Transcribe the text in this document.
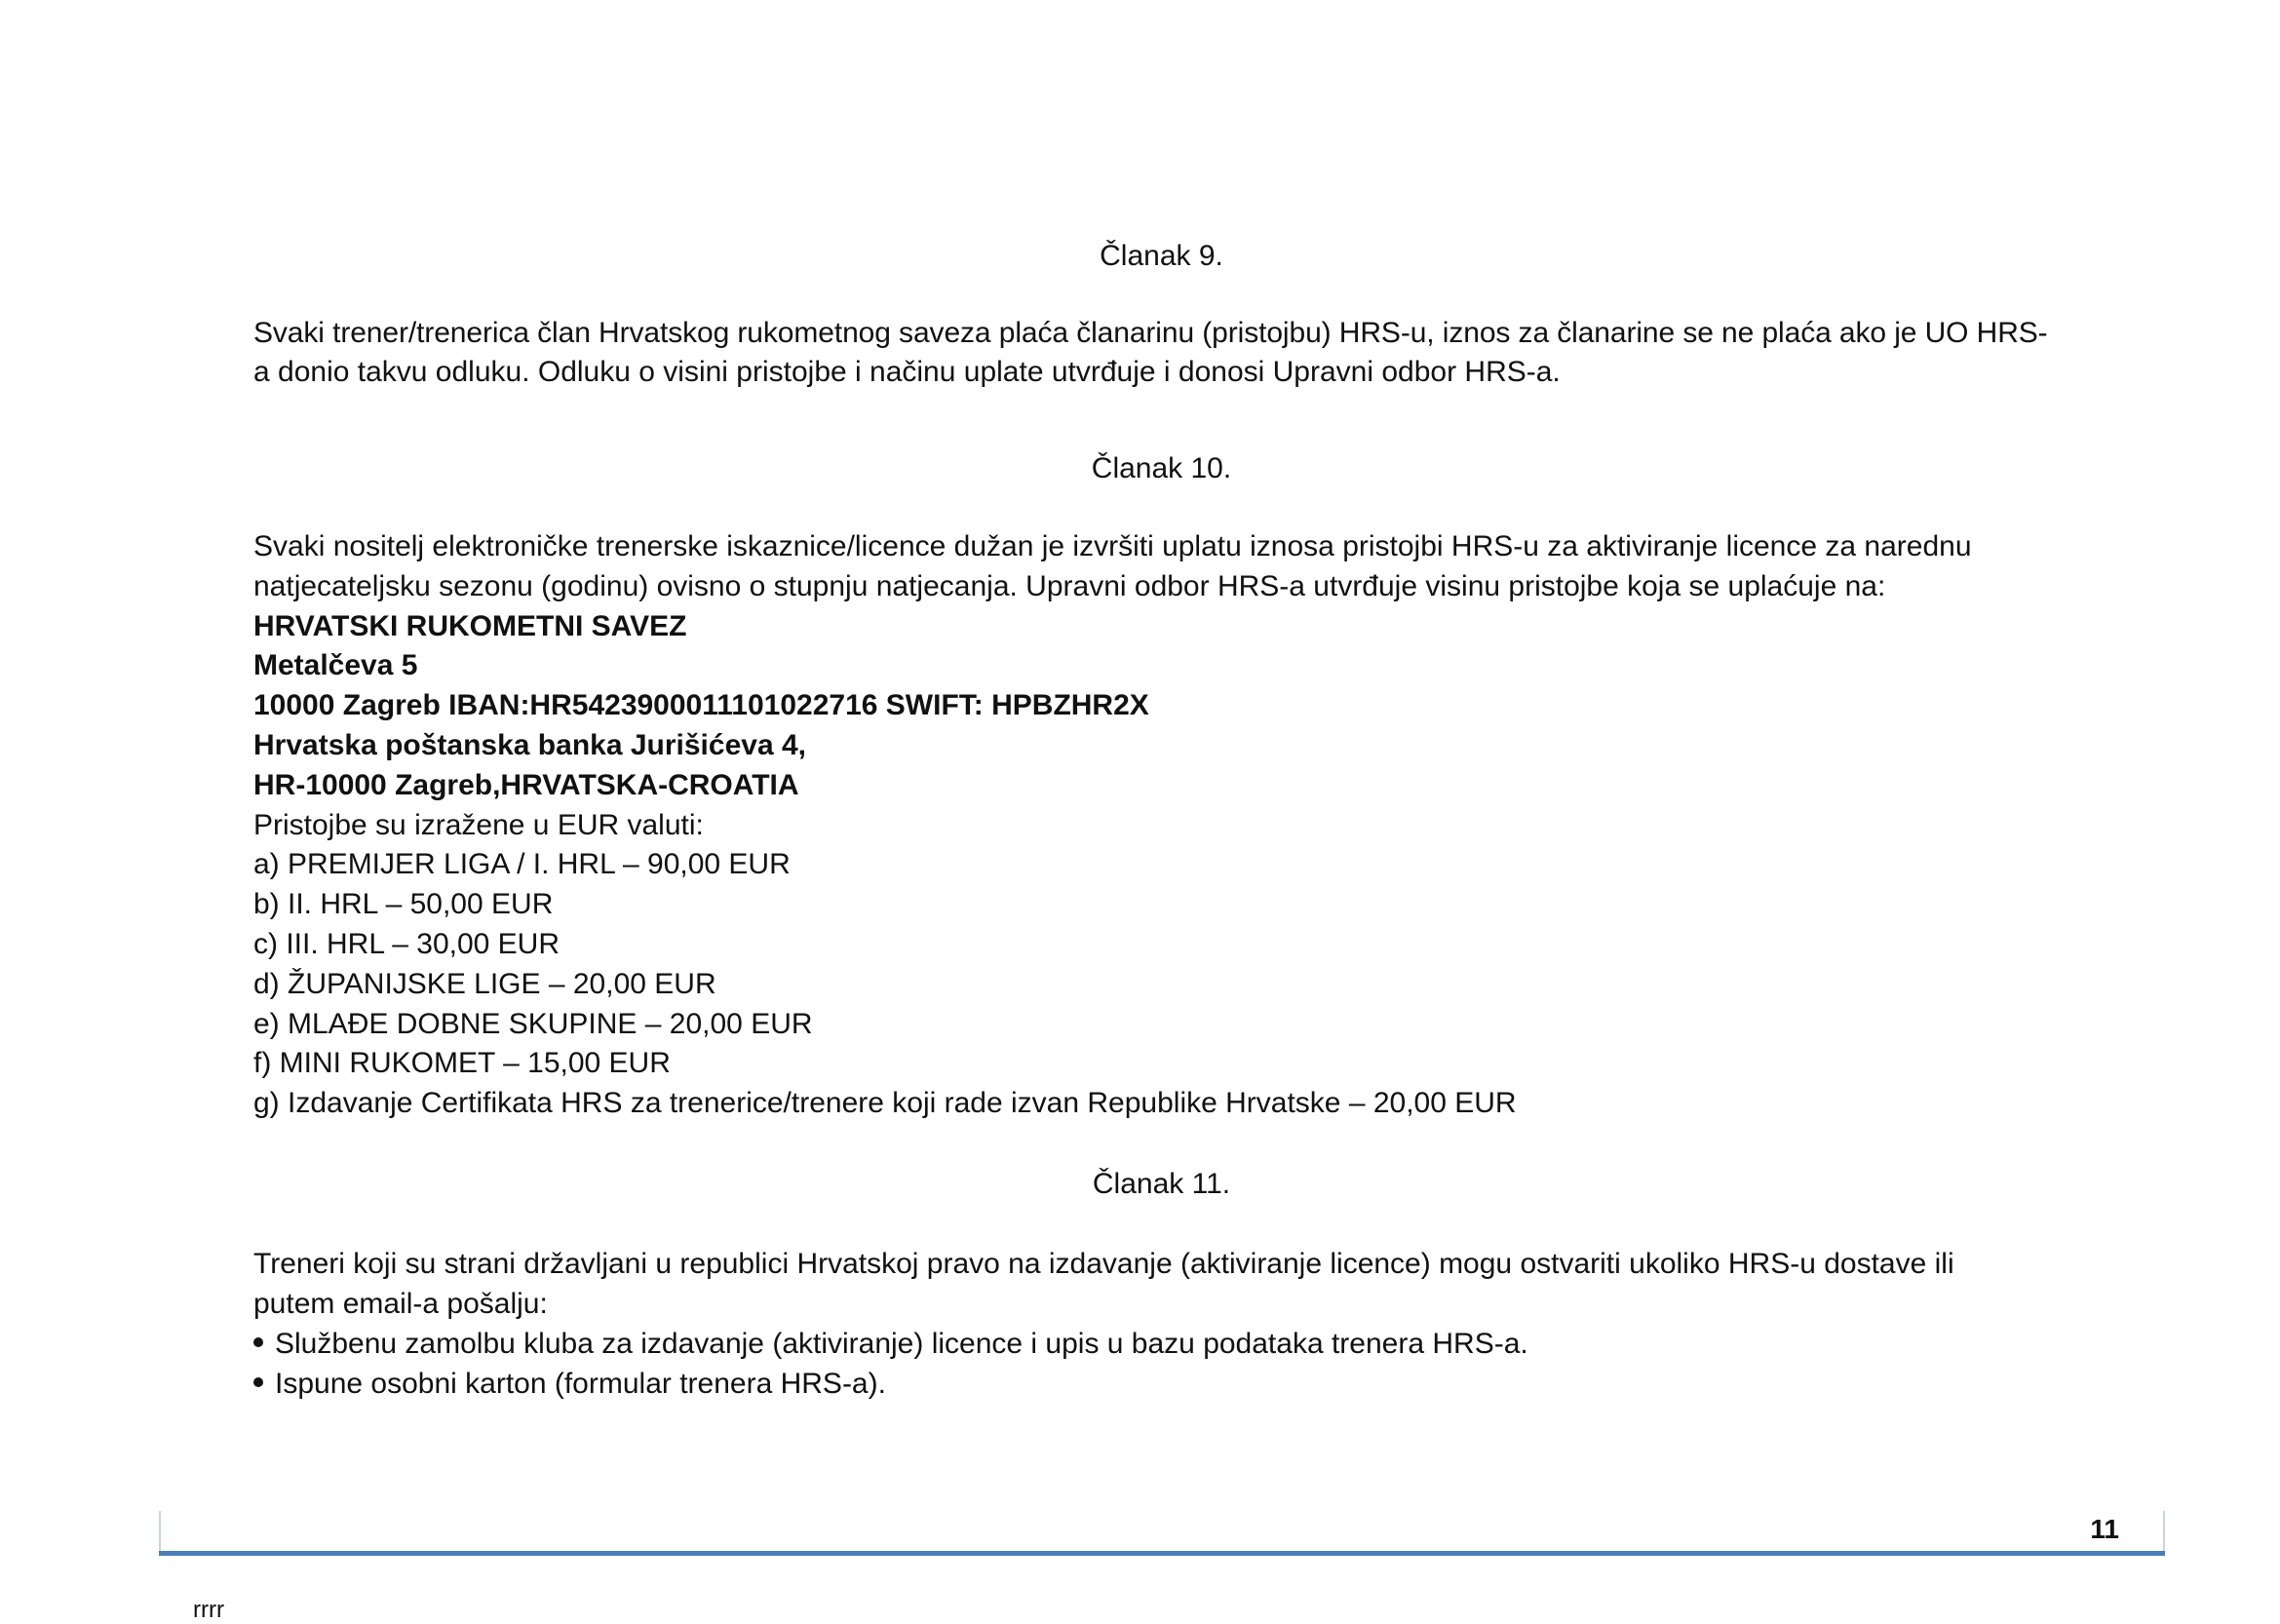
Članak 9.
Svaki trener/trenerica član Hrvatskog rukometnog saveza plaća članarinu (pristojbu) HRS-u, iznos za članarine se ne plaća ako je UO HRS-
a donio takvu odluku. Odluku o visini pristojbe i načinu uplate utvrđuje i donosi Upravni odbor HRS-a.
Članak 10.
Svaki nositelj elektroničke trenerske iskaznice/licence dužan je izvršiti uplatu iznosa pristojbi HRS-u za aktiviranje licence za narednu
natjecateljsku sezonu (godinu) ovisno o stupnju natjecanja. Upravni odbor HRS-a utvrđuje visinu pristojbe koja se uplaćuje na:
HRVATSKI RUKOMETNI SAVEZ
Metalčeva 5
10000 Zagreb IBAN:HR5423900011101022716 SWIFT: HPBZHR2X
Hrvatska poštanska banka Jurišićeva 4,
HR-10000 Zagreb,HRVATSKA-CROATIA
Pristojbe su izražene u EUR valuti:
a) PREMIJER LIGA / I. HRL – 90,00 EUR
b) II. HRL – 50,00 EUR
c) III. HRL – 30,00 EUR
d) ŽUPANIJSKE LIGE – 20,00 EUR
e) MLAĐE DOBNE SKUPINE – 20,00 EUR
f) MINI RUKOMET – 15,00 EUR
g) Izdavanje Certifikata HRS za trenerice/trenere koji rade izvan Republike Hrvatske – 20,00 EUR
Članak 11.
Treneri koji su strani državljani u republici Hrvatskoj pravo na izdavanje (aktiviranje licence) mogu ostvariti ukoliko HRS-u dostave ili
putem email-a pošalju:
Službenu zamolbu kluba za izdavanje (aktiviranje) licence i upis u bazu podataka trenera HRS-a.
Ispune osobni karton (formular trenera HRS-a).
11
rrrr
